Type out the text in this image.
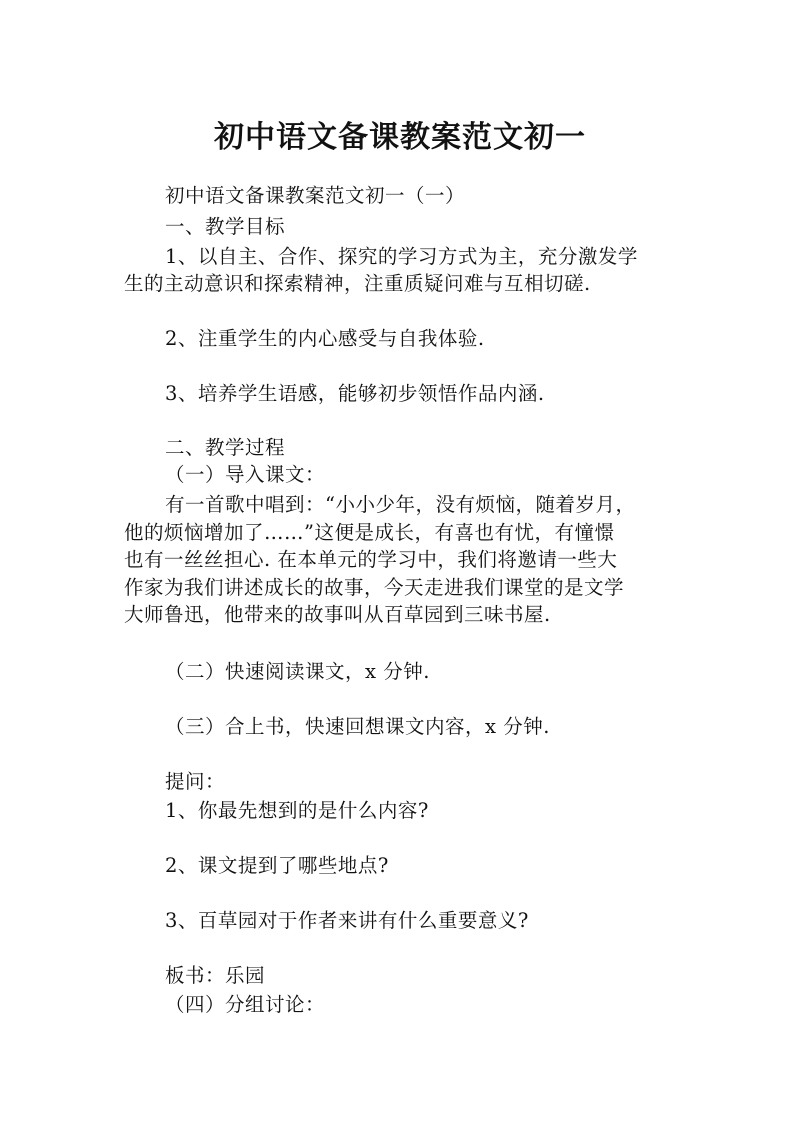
初中语文备课教案范文初一
初中语文备课教案范文初一（一）
一、教学目标
1、以自主、合作、探究的学习方式为主，充分激发学
生的主动意识和探索精神，注重质疑问难与互相切磋.
2、注重学生的内心感受与自我体验.
3、培养学生语感，能够初步领悟作品内涵.
二、教学过程
（一）导入课文：
有一首歌中唱到：“小小少年，没有烦恼，随着岁月，
他的烦恼增加了……”这便是成长，有喜也有忧，有憧憬
也有一丝丝担心. 在本单元的学习中，我们将邀请一些大
作家为我们讲述成长的故事，今天走进我们课堂的是文学
大师鲁迅，他带来的故事叫从百草园到三味书屋.
（二）快速阅读课文，x 分钟.
（三）合上书，快速回想课文内容，x 分钟.
提问：
1、你最先想到的是什么内容?
2、课文提到了哪些地点?
3、百草园对于作者来讲有什么重要意义?
板书：乐园
（四）分组讨论：
